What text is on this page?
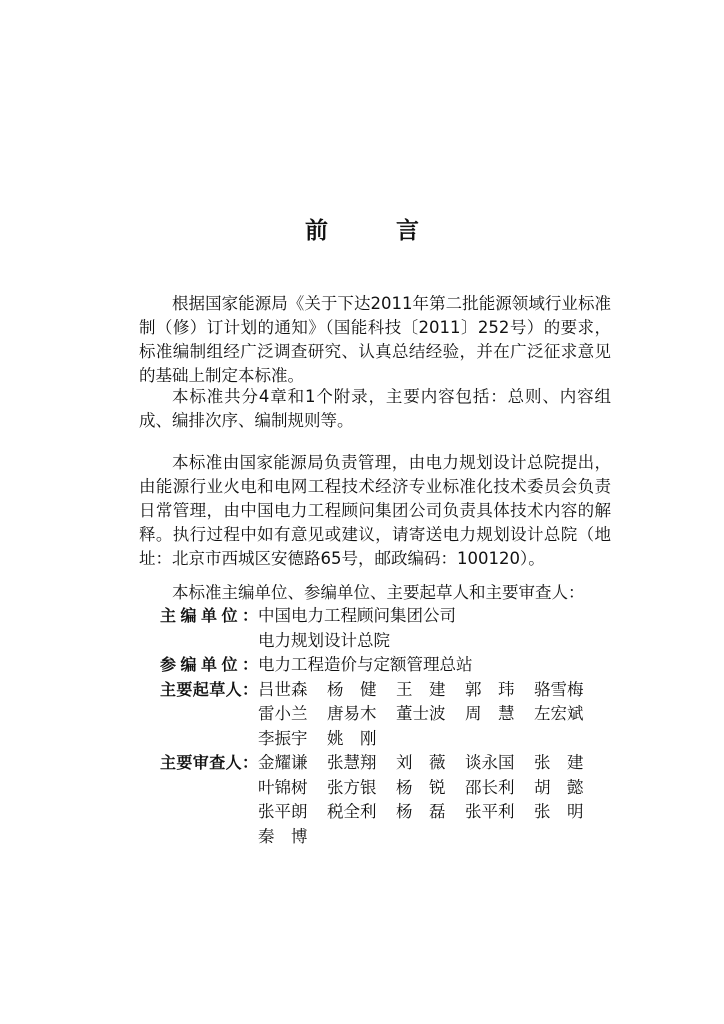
前 言
根据国家能源局《关于下达2011年第二批能源领域行业标准制（修）订计划的通知》（国能科技〔2011〕252号）的要求，标准编制组经广泛调查研究、认真总结经验，并在广泛征求意见的基础上制定本标准。
本标准共分4章和1个附录，主要内容包括：总则、内容组成、编排次序、编制规则等。
本标准由国家能源局负责管理，由电力规划设计总院提出，由能源行业火电和电网工程技术经济专业标准化技术委员会负责日常管理，由中国电力工程顾问集团公司负责具体技术内容的解释。执行过程中如有意见或建议，请寄送电力规划设计总院（地址：北京市西城区安德路65号，邮政编码：100120）。
本标准主编单位、参编单位、主要起草人和主要审查人：
主编单位： 中国电力工程顾问集团公司
电力规划设计总院
参编单位： 电力工程造价与定额管理总站
主要起草人： 吕世森	杨　健	王　建	郭　玮	骆雪梅
雷小兰	唐易木	董士波	周　慧	左宏斌
李振宇	姚　刚
主要审查人： 金耀谦	张慧翔	刘　薇	谈永国	张　建
叶锦树	张方银	杨　锐	邵长利	胡　懿
张平朗	税全利	杨　磊	张平利	张　明
秦　博
